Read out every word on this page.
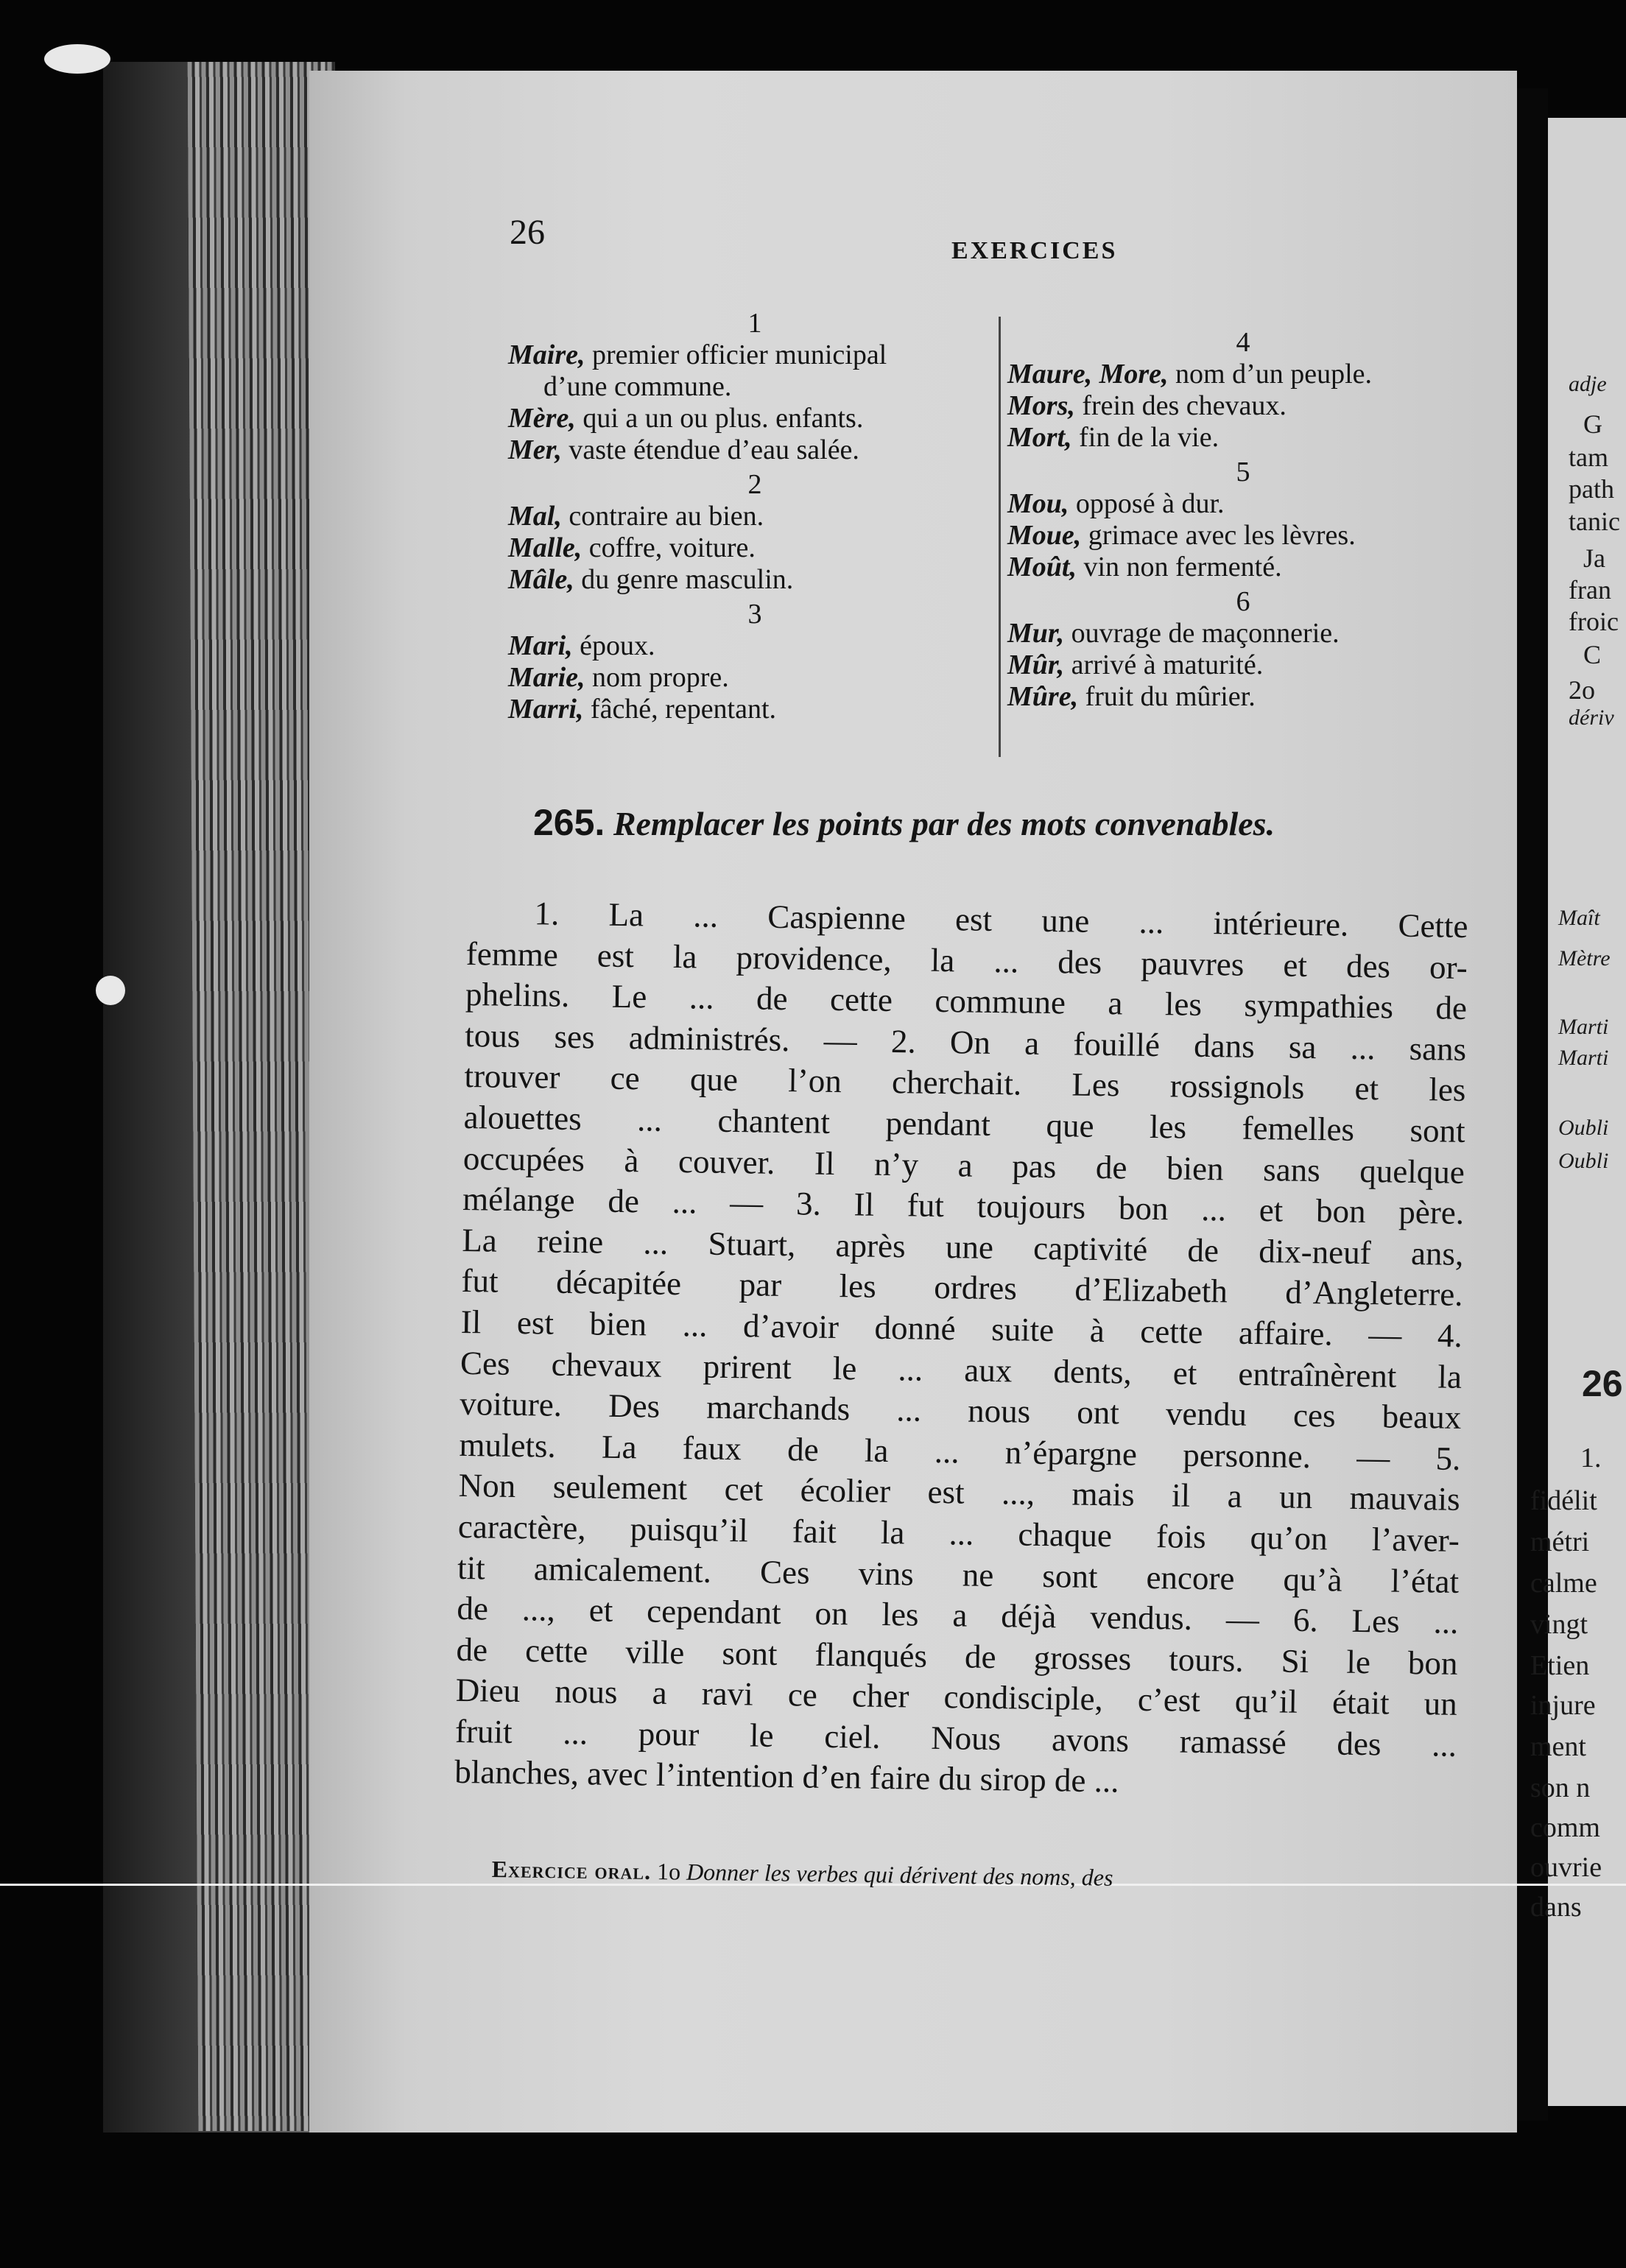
26	EXERCICES
1
Maire, premier officier municipal
d’une commune.
Mère, qui a un ou plus. enfants.
Mer, vaste étendue d’eau salée.
2
Mal, contraire au bien.
Malle, coffre, voiture.
Mâle, du genre masculin.
3
Mari, époux.
Marie, nom propre.
Marri, fâché, repentant.
4
Maure, More, nom d’un peuple.
Mors, frein des chevaux.
Mort, fin de la vie.
5
Mou, opposé à dur.
Moue, grimace avec les lèvres.
Moût, vin non fermenté.
6
Mur, ouvrage de maçonnerie.
Mûr, arrivé à maturité.
Mûre, fruit du mûrier.
265. Remplacer les points par des mots convenables.
1. La ... Caspienne est une ... intérieure. Cette
femme est la providence, la ... des pauvres et des or-
phelins. Le ... de cette commune a les sympathies de
tous ses administrés. — 2. On a fouillé dans sa ... sans
trouver ce que l’on cherchait. Les rossignols et les
alouettes ... chantent pendant que les femelles sont
occupées à couver. Il n’y a pas de bien sans quelque
mélange de ... — 3. Il fut toujours bon ... et bon père.
La reine ... Stuart, après une captivité de dix-neuf ans,
fut décapitée par les ordres d’Elizabeth d’Angleterre.
Il est bien ... d’avoir donné suite à cette affaire. — 4.
Ces chevaux prirent le ... aux dents, et entraînèrent la
voiture. Des marchands ... nous ont vendu ces beaux
mulets. La faux de la ... n’épargne personne. — 5.
Non seulement cet écolier est ..., mais il a un mauvais
caractère, puisqu’il fait la ... chaque fois qu’on l’aver-
tit amicalement. Ces vins ne sont encore qu’à l’état
de ..., et cependant on les a déjà vendus. — 6. Les ...
de cette ville sont flanqués de grosses tours. Si le bon
Dieu nous a ravi ce cher condisciple, c’est qu’il était un
fruit ... pour le ciel. Nous avons ramassé des ...
blanches, avec l’intention d’en faire du sirop de ...
Exercice oral. 1o Donner les verbes qui dérivent des noms, des
adje
G
tam
path
tanic
Ja
fran
froic
C
2o
dériv
Maît
Mètre
Marti
Marti
Oubli
Oubli
26
1.
fidélit
métri
calme
vingt
Etien
injure
ment
son n
comm
ouvrie
dans
